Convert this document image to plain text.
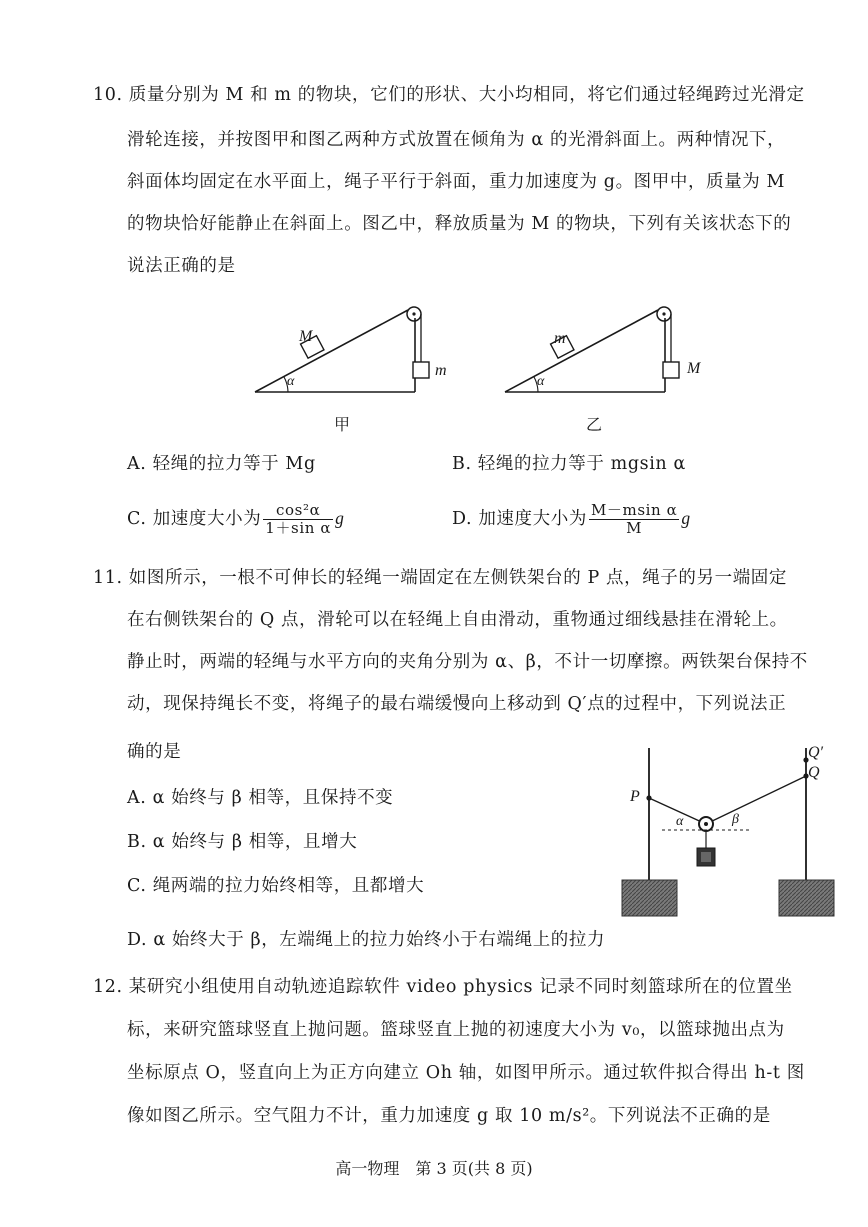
10. 质量分别为 M 和 m 的物块，它们的形状、大小均相同，将它们通过轻绳跨过光滑定
滑轮连接，并按图甲和图乙两种方式放置在倾角为 α 的光滑斜面上。两种情况下，
斜面体均固定在水平面上，绳子平行于斜面，重力加速度为 g。图甲中，质量为 M
的物块恰好能静止在斜面上。图乙中，释放质量为 M 的物块，下列有关该状态下的
说法正确的是
M
m
α
甲
m
M
α
乙
A. 轻绳的拉力等于 Mg	B. 轻绳的拉力等于 mgsin α
C. 加速度大小为 $\frac{\text{cos²α}}{\text{1＋sin α}}$ g	D. 加速度大小为 $\frac{\text{M－msin α}}{M}$ g
11. 如图所示，一根不可伸长的轻绳一端固定在左侧铁架台的 P 点，绳子的另一端固定
在右侧铁架台的 Q 点，滑轮可以在轻绳上自由滑动，重物通过细线悬挂在滑轮上。
静止时，两端的轻绳与水平方向的夹角分别为 α、β，不计一切摩擦。两铁架台保持不
动，现保持绳长不变，将绳子的最右端缓慢向上移动到 Q′点的过程中，下列说法正
确的是
A. α 始终与 β 相等，且保持不变
B. α 始终与 β 相等，且增大
C. 绳两端的拉力始终相等，且都增大
D. α 始终大于 β，左端绳上的拉力始终小于右端绳上的拉力
P
Q
Q′
α	β
12. 某研究小组使用自动轨迹追踪软件 video physics 记录不同时刻篮球所在的位置坐
标，来研究篮球竖直上抛问题。篮球竖直上抛的初速度大小为 v₀，以篮球抛出点为
坐标原点 O，竖直向上为正方向建立 Oh 轴，如图甲所示。通过软件拟合得出 h-t 图
像如图乙所示。空气阻力不计，重力加速度 g 取 10 m/s²。下列说法不正确的是
高一物理　第 3 页(共 8 页)
